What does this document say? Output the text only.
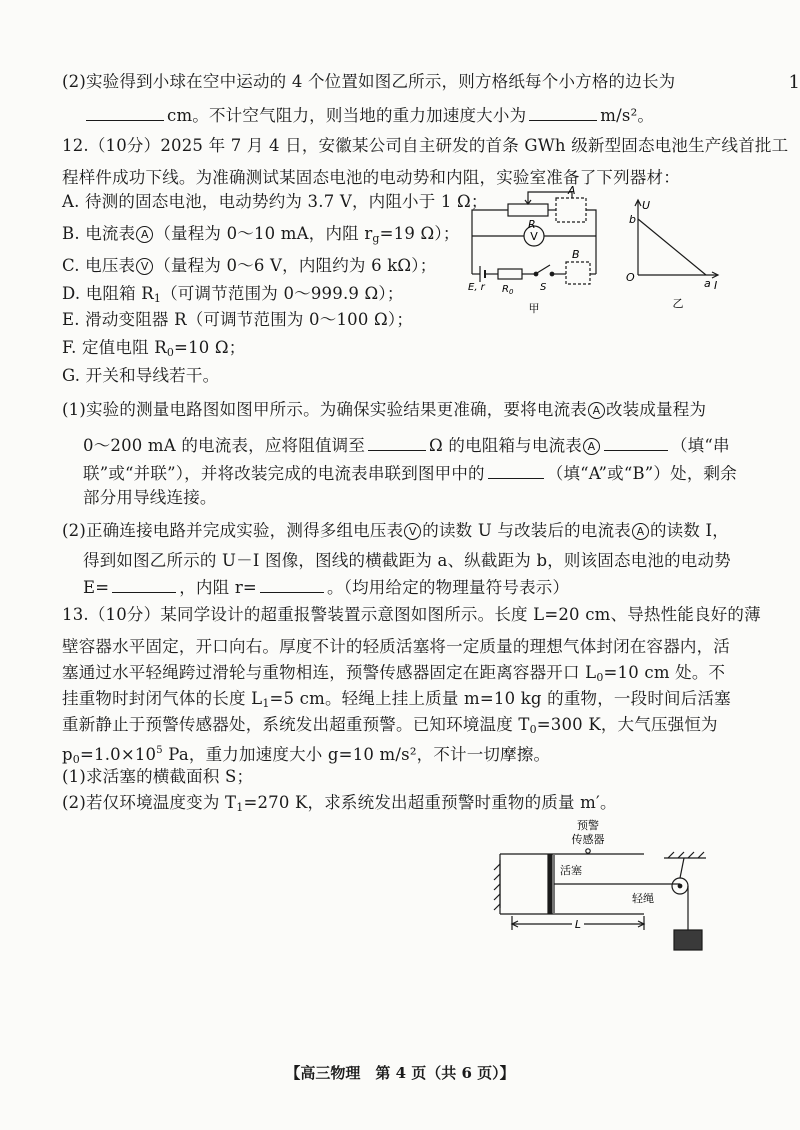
1
(2)实验得到小球在空中运动的 4 个位置如图乙所示，则方格纸每个小方格的边长为
cm。不计空气阻力，则当地的重力加速度大小为	m/s²。
12.（10分）2025 年 7 月 4 日，安徽某公司自主研发的首条 GWh 级新型固态电池生产线首批工
程样件成功下线。为准确测试某固态电池的电动势和内阻，实验室准备了下列器材：
A. 待测的固态电池，电动势约为 3.7 V，内阻小于 1 Ω；
B. 电流表 A （量程为 0～10 mA，内阻 $r_g=19$ Ω）；
C. 电压表 V （量程为 0～6 V，内阻约为 6 kΩ）；
D. 电阻箱 $R_1$（可调节范围为 0～999.9 Ω）；
E. 滑动变阻器 R（可调节范围为 0～100 Ω）；
F. 定值电阻 $R_0=10$ Ω；
G. 开关和导线若干。
V
R
A
B
E, r $R_0$	S
甲
U
b
O	a I
乙
(1)实验的测量电路图如图甲所示。为确保实验结果更准确，要将电流表 A 改装成量程为
0～200 mA 的电流表，应将阻值调至	Ω 的电阻箱与电流表 A	（填“串
联”或“并联”），并将改装完成的电流表串联到图甲中的	（填“A”或“B”）处，剩余
部分用导线连接。
(2)正确连接电路并完成实验，测得多组电压表 V 的读数 U 与改装后的电流表 A 的读数 I，
得到如图乙所示的 U－I 图像，图线的横截距为 a、纵截距为 b，则该固态电池的电动势
E=	，内阻 r=	。（均用给定的物理量符号表示）
13.（10分）某同学设计的超重报警装置示意图如图所示。长度 L=20 cm、导热性能良好的薄
壁容器水平固定，开口向右。厚度不计的轻质活塞将一定质量的理想气体封闭在容器内，活
塞通过水平轻绳跨过滑轮与重物相连，预警传感器固定在距离容器开口 $L_0=10$ cm 处。不
挂重物时封闭气体的长度 $L_1=5$ cm。轻绳上挂上质量 m=10 kg 的重物，一段时间后活塞
重新静止于预警传感器处，系统发出超重预警。已知环境温度 $T_0=300$ K，大气压强恒为
$p_0=1.0\times 10^5$ Pa，重力加速度大小 g=10 m/s²，不计一切摩擦。
(1)求活塞的横截面积 S；
(2)若仅环境温度变为 $T_1=270$ K，求系统发出超重预警时重物的质量 m′。
预警
传感器
活塞
轻绳
L
【高三物理　第 4 页（共 6 页）】
